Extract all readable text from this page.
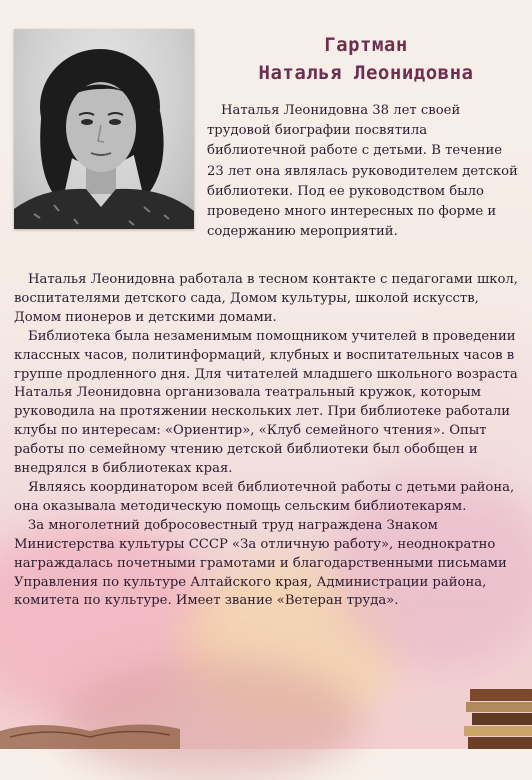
Гартман
Наталья Леонидовна
Наталья Леонидовна 38 лет своей трудовой биографии посвятила библиотечной работе с детьми. В течение 23 лет она являлась руководителем детской библиотеки. Под ее руководством было проведено много интересных по форме и содержанию мероприятий.

Наталья Леонидовна работала в тесном контакте с педагогами школ, воспитателями детского сада, Домом культуры, школой искусств, Домом пионеров и детскими домами.

Библиотека была незаменимым помощником учителей в проведении классных часов, политинформаций, клубных и воспитательных часов в группе продленного дня. Для читателей младшего школьного возраста Наталья Леонидовна организовала театральный кружок, которым руководила на протяжении нескольких лет. При библиотеке работали клубы по интересам: «Ориентир», «Клуб семейного чтения». Опыт работы по семейному чтению детской библиотеки был обобщен и внедрялся в библиотеках края.

Являясь координатором всей библиотечной работы с детьми района, она оказывала методическую помощь сельским библиотекарям.

За многолетний добросовестный труд награждена Знаком Министерства культуры СССР «За отличную работу», неоднократно награждалась почетными грамотами и благодарственными письмами Управления по культуре Алтайского края, Администрации района, комитета по культуре. Имеет звание «Ветеран труда».
